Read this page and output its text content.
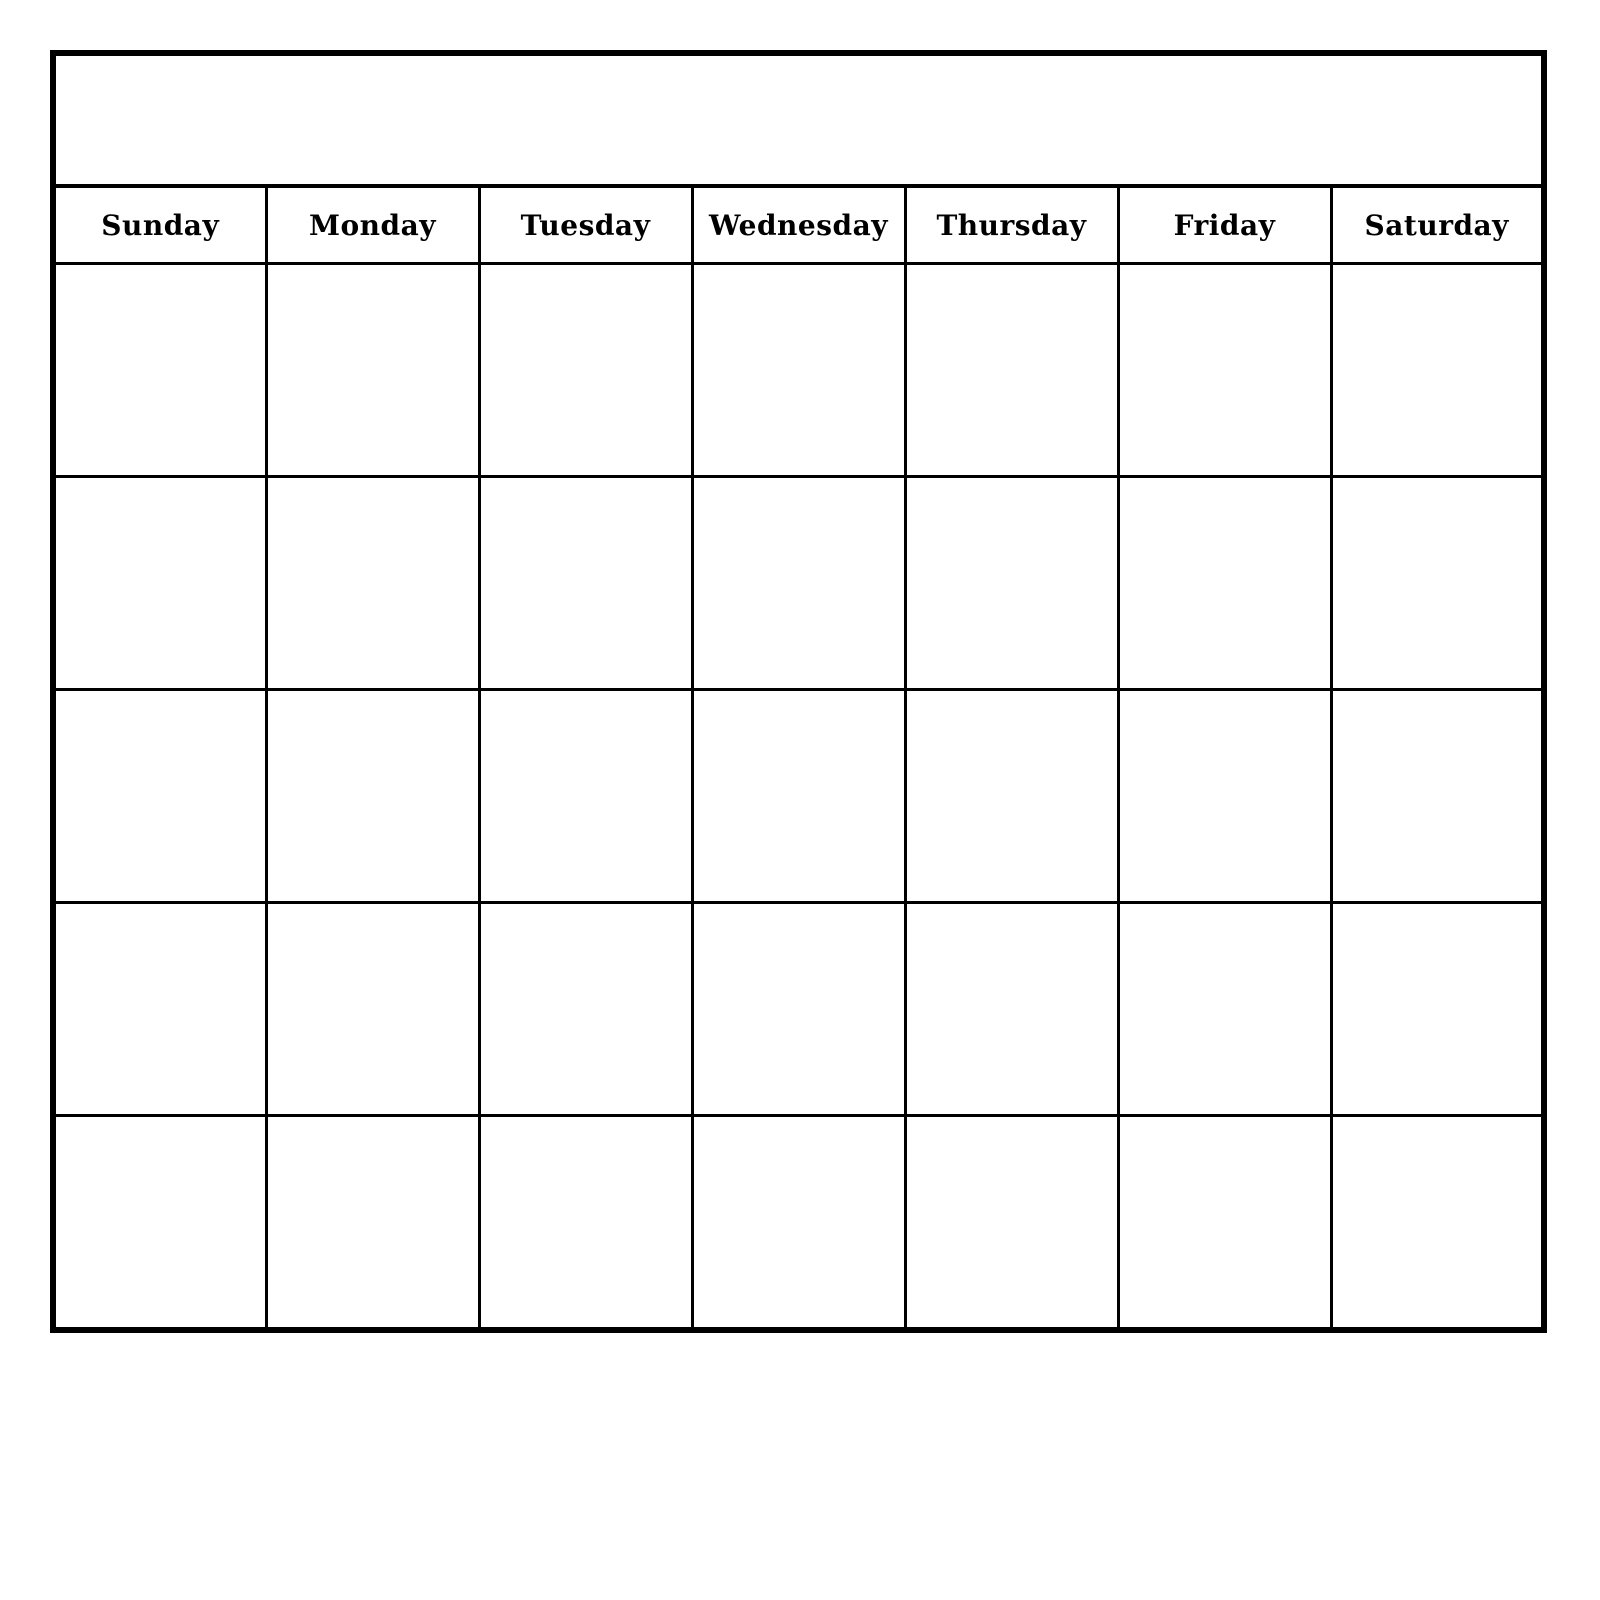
Sunday	Monday	Tuesday	Wednesday	Thursday	Friday	Saturday
